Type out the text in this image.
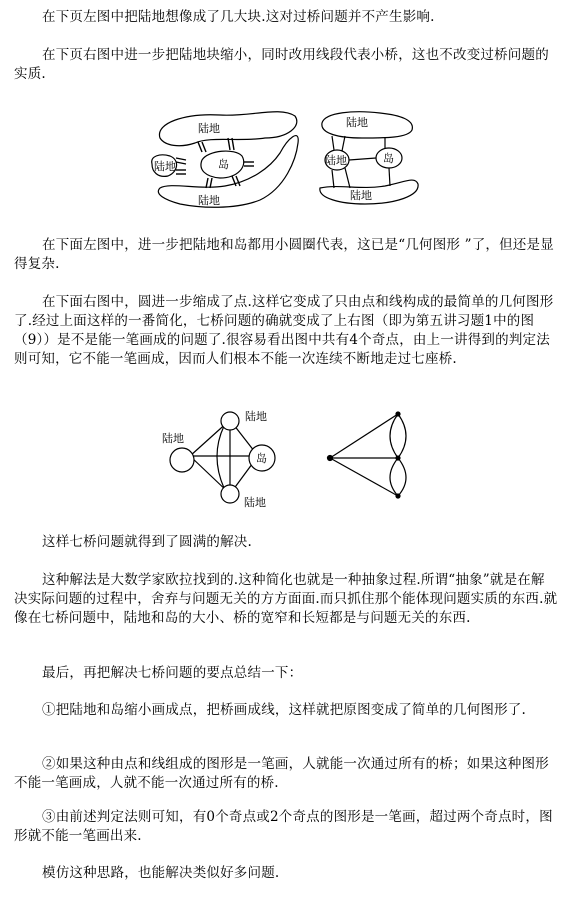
在下页左图中把陆地想像成了几大块.这对过桥问题并不产生影响.

在下页右图中进一步把陆地块缩小，同时改用线段代表小桥，这也不改变过桥问题的实质.

陆地
陆地	岛
陆地
陆地
陆地	岛
陆地

在下面左图中，进一步把陆地和岛都用小圆圈代表，这已是“几何图形 ”了，但还是显得复杂.

在下面右图中，圆进一步缩成了点.这样它变成了只由点和线构成的最简单的几何图形了.经过上面这样的一番简化，七桥问题的确就变成了上右图（即为第五讲习题1中的图（9））是不是能一笔画成的问题了.很容易看出图中共有4个奇点，由上一讲得到的判定法则可知，它不能一笔画成，因而人们根本不能一次连续不断地走过七座桥.

陆地
陆地
岛
陆地

这样七桥问题就得到了圆满的解决.

这种解法是大数学家欧拉找到的.这种简化也就是一种抽象过程.所谓“抽象”就是在解决实际问题的过程中，舍弃与问题无关的方方面面.而只抓住那个能体现问题实质的东西.就像在七桥问题中，陆地和岛的大小、桥的宽窄和长短都是与问题无关的东西.

最后，再把解决七桥问题的要点总结一下：

①把陆地和岛缩小画成点，把桥画成线，这样就把原图变成了简单的几何图形了.

②如果这种由点和线组成的图形是一笔画，人就能一次通过所有的桥；如果这种图形不能一笔画成，人就不能一次通过所有的桥.

③由前述判定法则可知，有0个奇点或2个奇点的图形是一笔画，超过两个奇点时，图形就不能一笔画出来.

模仿这种思路，也能解决类似好多问题.
